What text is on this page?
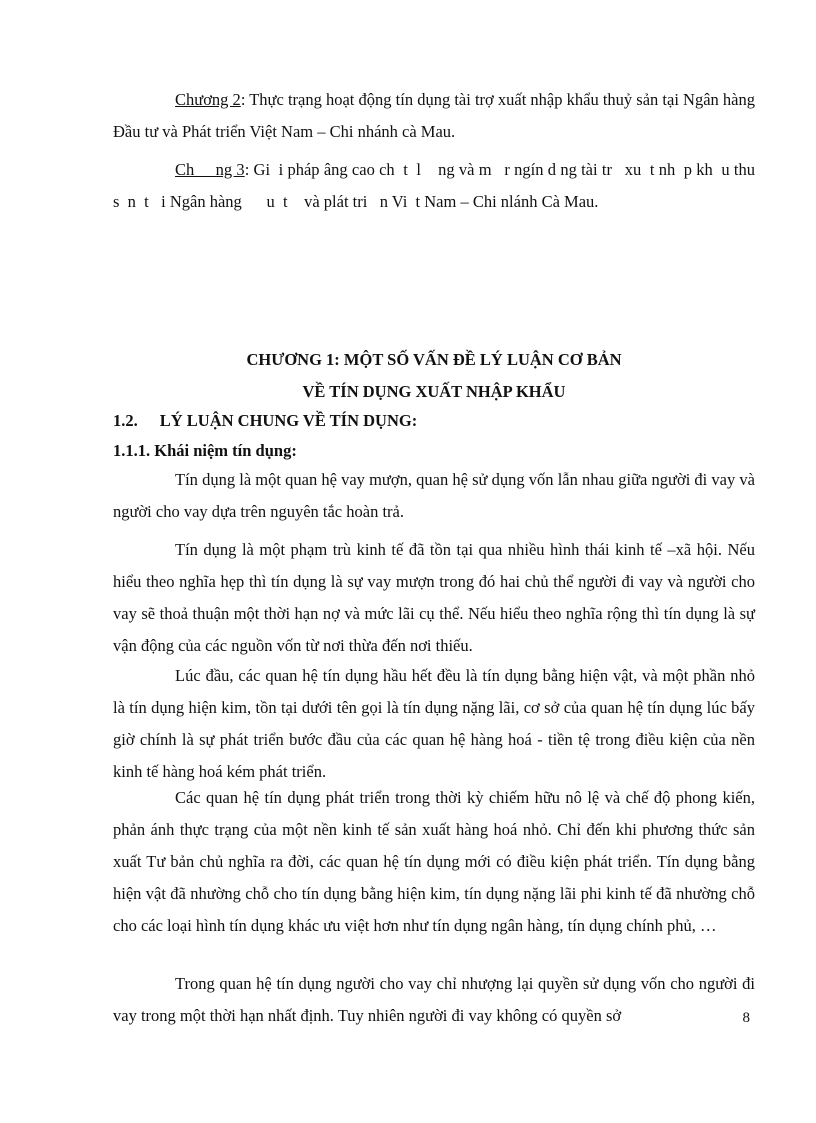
Chương 2: Thực trạng hoạt động tín dụng tài trợ xuất nhập khẩu thuỷ sản tại Ngân hàng Đầu tư và Phát triển Việt Nam – Chi nhánh cà Mau.
Ch     ng 3: Gi  i pháp âng cao ch  t  l    ng và m   r ngín d ng tài tr   xu  t nh  p kh  u thu   s  n  t   i Ngân hàng      u  t    và plát tri   n Vi  t Nam – Chi nlánh Cà Mau.
CHƯƠNG 1: MỘT SỐ VẤN ĐỀ LÝ LUẬN CƠ BẢN
VỀ TÍN DỤNG XUẤT NHẬP KHẨU
1.2. LÝ LUẬN CHUNG VỀ TÍN DỤNG:
1.1.1. Khái niệm tín dụng:
Tín dụng là một quan hệ vay mượn, quan hệ sử dụng vốn lẫn nhau giữa người đi vay và người cho vay dựa trên nguyên tắc hoàn trả.
Tín dụng là một phạm trù kinh tế đã tồn tại qua nhiều hình thái kinh tế –xã hội. Nếu hiểu theo nghĩa hẹp thì tín dụng là sự vay mượn trong đó hai chủ thể người đi vay và người cho vay sẽ thoả thuận một thời hạn nợ và mức lãi cụ thể. Nếu hiểu theo nghĩa rộng thì tín dụng là sự vận động của các nguồn vốn từ nơi thừa đến nơi thiếu.
Lúc đầu, các quan hệ tín dụng hầu hết đều là tín dụng bằng hiện vật, và một phần nhỏ là tín dụng hiện kim, tồn tại dưới tên gọi là tín dụng nặng lãi, cơ sở của quan hệ tín dụng lúc bấy giờ chính là sự phát triển bước đầu của các quan hệ hàng hoá - tiền tệ trong điều kiện của nền kinh tế hàng hoá kém phát triển.
Các quan hệ tín dụng phát triển trong thời kỳ chiếm hữu nô lệ và chế độ phong kiến, phản ánh thực trạng của một nền kinh tế sản xuất hàng hoá nhỏ. Chỉ đến khi phương thức sản xuất Tư bản chủ nghĩa ra đời, các quan hệ tín dụng mới có điều kiện phát triển. Tín dụng bằng hiện vật đã nhường chỗ cho tín dụng bằng hiện kim, tín dụng nặng lãi phi kinh tế đã nhường chỗ cho các loại hình tín dụng khác ưu việt hơn như tín dụng ngân hàng, tín dụng chính phủ, …
Trong quan hệ tín dụng người cho vay chỉ nhượng lại quyền sử dụng vốn cho người đi vay trong một thời hạn nhất định. Tuy nhiên người đi vay không có quyền sở	8
